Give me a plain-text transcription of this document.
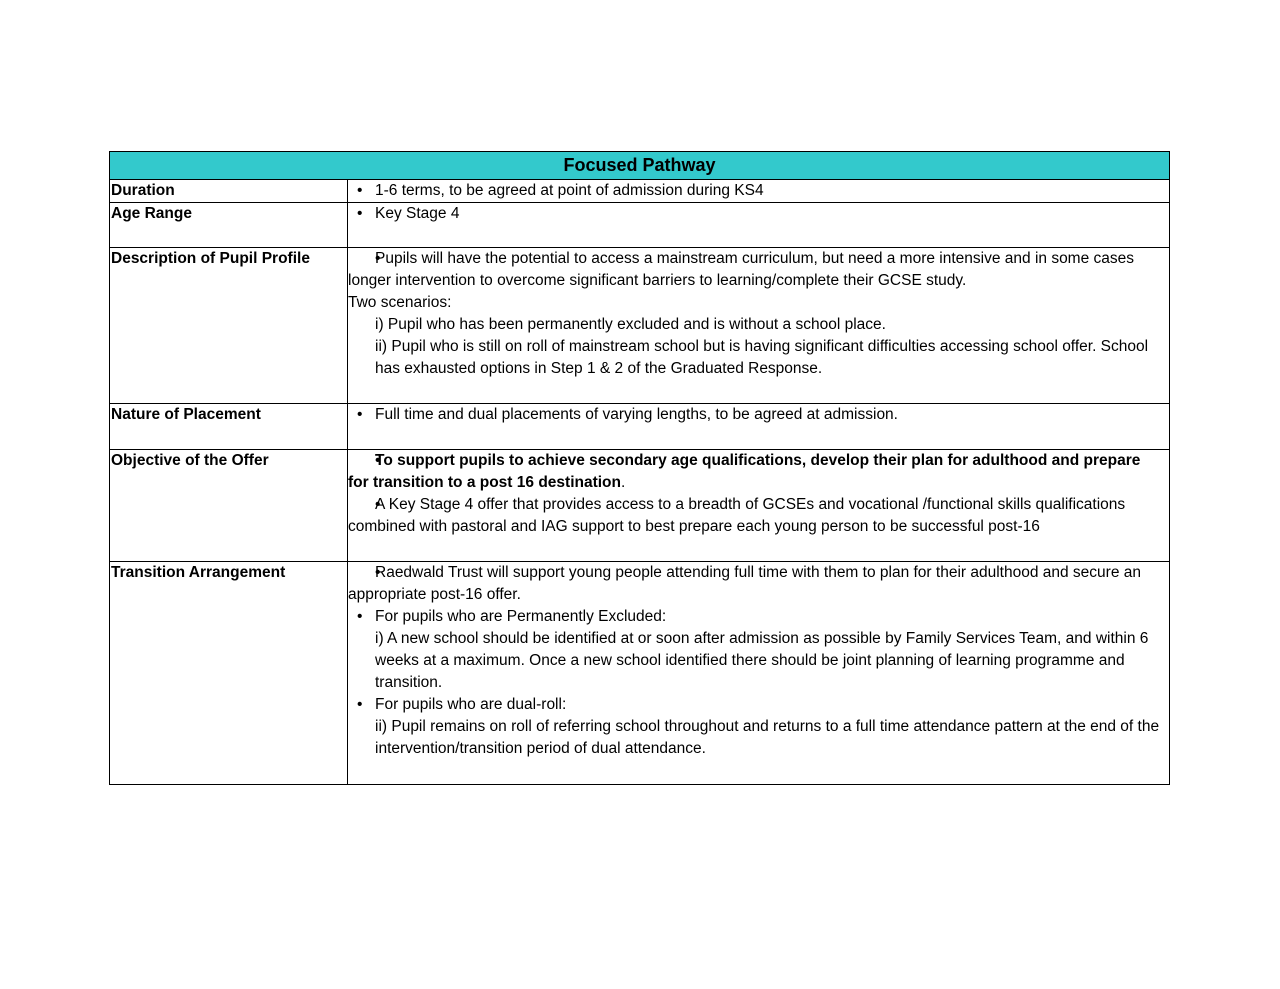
Focused Pathway	
Duration	• 1-6 terms, to be agreed at point of admission during KS4

Age Range	• Key Stage 4

Description of Pupil Profile	• Pupils will have the potential to access a mainstream curriculum, but need a more intensive and in some cases longer intervention to overcome significant barriers to learning/complete their GCSE study.
Two scenarios:
i) Pupil who has been permanently excluded and is without a school place.
ii) Pupil who is still on roll of mainstream school but is having significant difficulties accessing school offer. School has exhausted options in Step 1 & 2 of the Graduated Response.

Nature of Placement	• Full time and dual placements of varying lengths, to be agreed at admission.

Objective of the Offer	• To support pupils to achieve secondary age qualifications, develop their plan for adulthood and prepare for transition to a post 16 destination.
• A Key Stage 4 offer that provides access to a breadth of GCSEs and vocational /functional skills qualifications combined with pastoral and IAG support to best prepare each young person to be successful post-16

Transition Arrangement	• Raedwald Trust will support young people attending full time with them to plan for their adulthood and secure an appropriate post-16 offer.
• For pupils who are Permanently Excluded:
i) A new school should be identified at or soon after admission as possible by Family Services Team, and within 6 weeks at a maximum. Once a new school identified there should be joint planning of learning programme and transition.
• For pupils who are dual-roll:
ii) Pupil remains on roll of referring school throughout and returns to a full time attendance pattern at the end of the intervention/transition period of dual attendance.
